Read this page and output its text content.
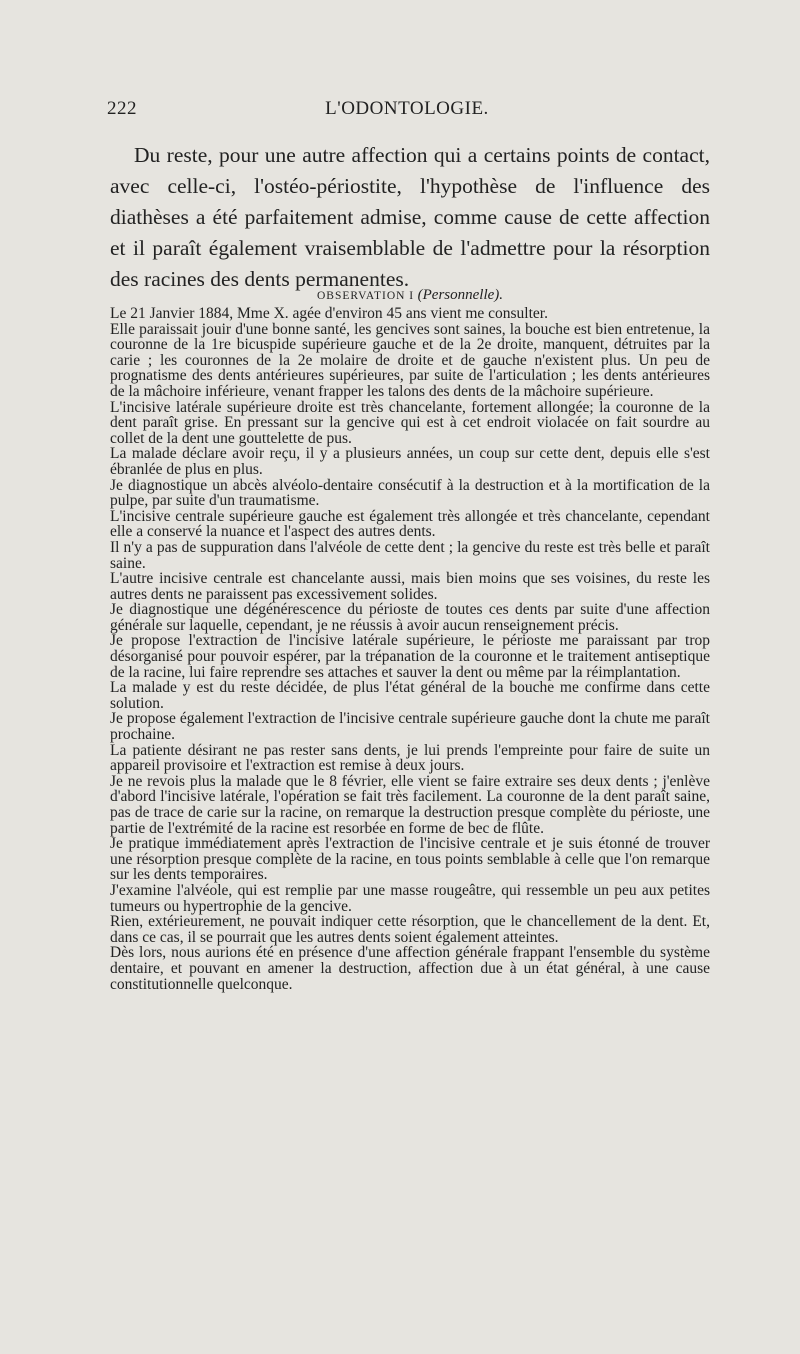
222	L'ODONTOLOGIE.

Du reste, pour une autre affection qui a certains points de contact, avec celle-ci, l'ostéo-périostite, l'hypothèse de l'influence des diathèses a été parfaitement admise, comme cause de cette affection et il paraît également vraisemblable de l'admettre pour la résorption des racines des dents permanentes.

OBSERVATION I (Personnelle).

Le 21 Janvier 1884, Mme X. agée d'environ 45 ans vient me consulter.

Elle paraissait jouir d'une bonne santé, les gencives sont saines, la bouche est bien entretenue, la couronne de la 1re bicuspide supérieure gauche et de la 2e droite, manquent, détruites par la carie ; les couronnes de la 2e molaire de droite et de gauche n'existent plus. Un peu de prognatisme des dents antérieures supérieures, par suite de l'articulation ; les dents antérieures de la mâchoire inférieure, venant frapper les talons des dents de la mâchoire supérieure.

L'incisive latérale supérieure droite est très chancelante, fortement allongée; la couronne de la dent paraît grise. En pressant sur la gencive qui est à cet endroit violacée on fait sourdre au collet de la dent une gouttelette de pus.

La malade déclare avoir reçu, il y a plusieurs années, un coup sur cette dent, depuis elle s'est ébranlée de plus en plus.

Je diagnostique un abcès alvéolo-dentaire consécutif à la destruction et à la mortification de la pulpe, par suite d'un traumatisme.

L'incisive centrale supérieure gauche est également très allongée et très chancelante, cependant elle a conservé la nuance et l'aspect des autres dents.

Il n'y a pas de suppuration dans l'alvéole de cette dent ; la gencive du reste est très belle et paraît saine.

L'autre incisive centrale est chancelante aussi, mais bien moins que ses voisines, du reste les autres dents ne paraissent pas excessivement solides.

Je diagnostique une dégénérescence du périoste de toutes ces dents par suite d'une affection générale sur laquelle, cependant, je ne réussis à avoir aucun renseignement précis.

Je propose l'extraction de l'incisive latérale supérieure, le périoste me paraissant par trop désorganisé pour pouvoir espérer, par la trépanation de la couronne et le traitement antiseptique de la racine, lui faire reprendre ses attaches et sauver la dent ou même par la réimplantation.

La malade y est du reste décidée, de plus l'état général de la bouche me confirme dans cette solution.

Je propose également l'extraction de l'incisive centrale supérieure gauche dont la chute me paraît prochaine.

La patiente désirant ne pas rester sans dents, je lui prends l'empreinte pour faire de suite un appareil provisoire et l'extraction est remise à deux jours.

Je ne revois plus la malade que le 8 février, elle vient se faire extraire ses deux dents ; j'enlève d'abord l'incisive latérale, l'opération se fait très facilement. La couronne de la dent paraît saine, pas de trace de carie sur la racine, on remarque la destruction presque complète du périoste, une partie de l'extrémité de la racine est resorbée en forme de bec de flûte.

Je pratique immédiatement après l'extraction de l'incisive centrale et je suis étonné de trouver une résorption presque complète de la racine, en tous points semblable à celle que l'on remarque sur les dents temporaires.

J'examine l'alvéole, qui est remplie par une masse rougeâtre, qui ressemble un peu aux petites tumeurs ou hypertrophie de la gencive.

Rien, extérieurement, ne pouvait indiquer cette résorption, que le chancellement de la dent. Et, dans ce cas, il se pourrait que les autres dents soient également atteintes.

Dès lors, nous aurions été en présence d'une affection générale frappant l'ensemble du système dentaire, et pouvant en amener la destruction, affection due à un état général, à une cause constitutionnelle quelconque.
